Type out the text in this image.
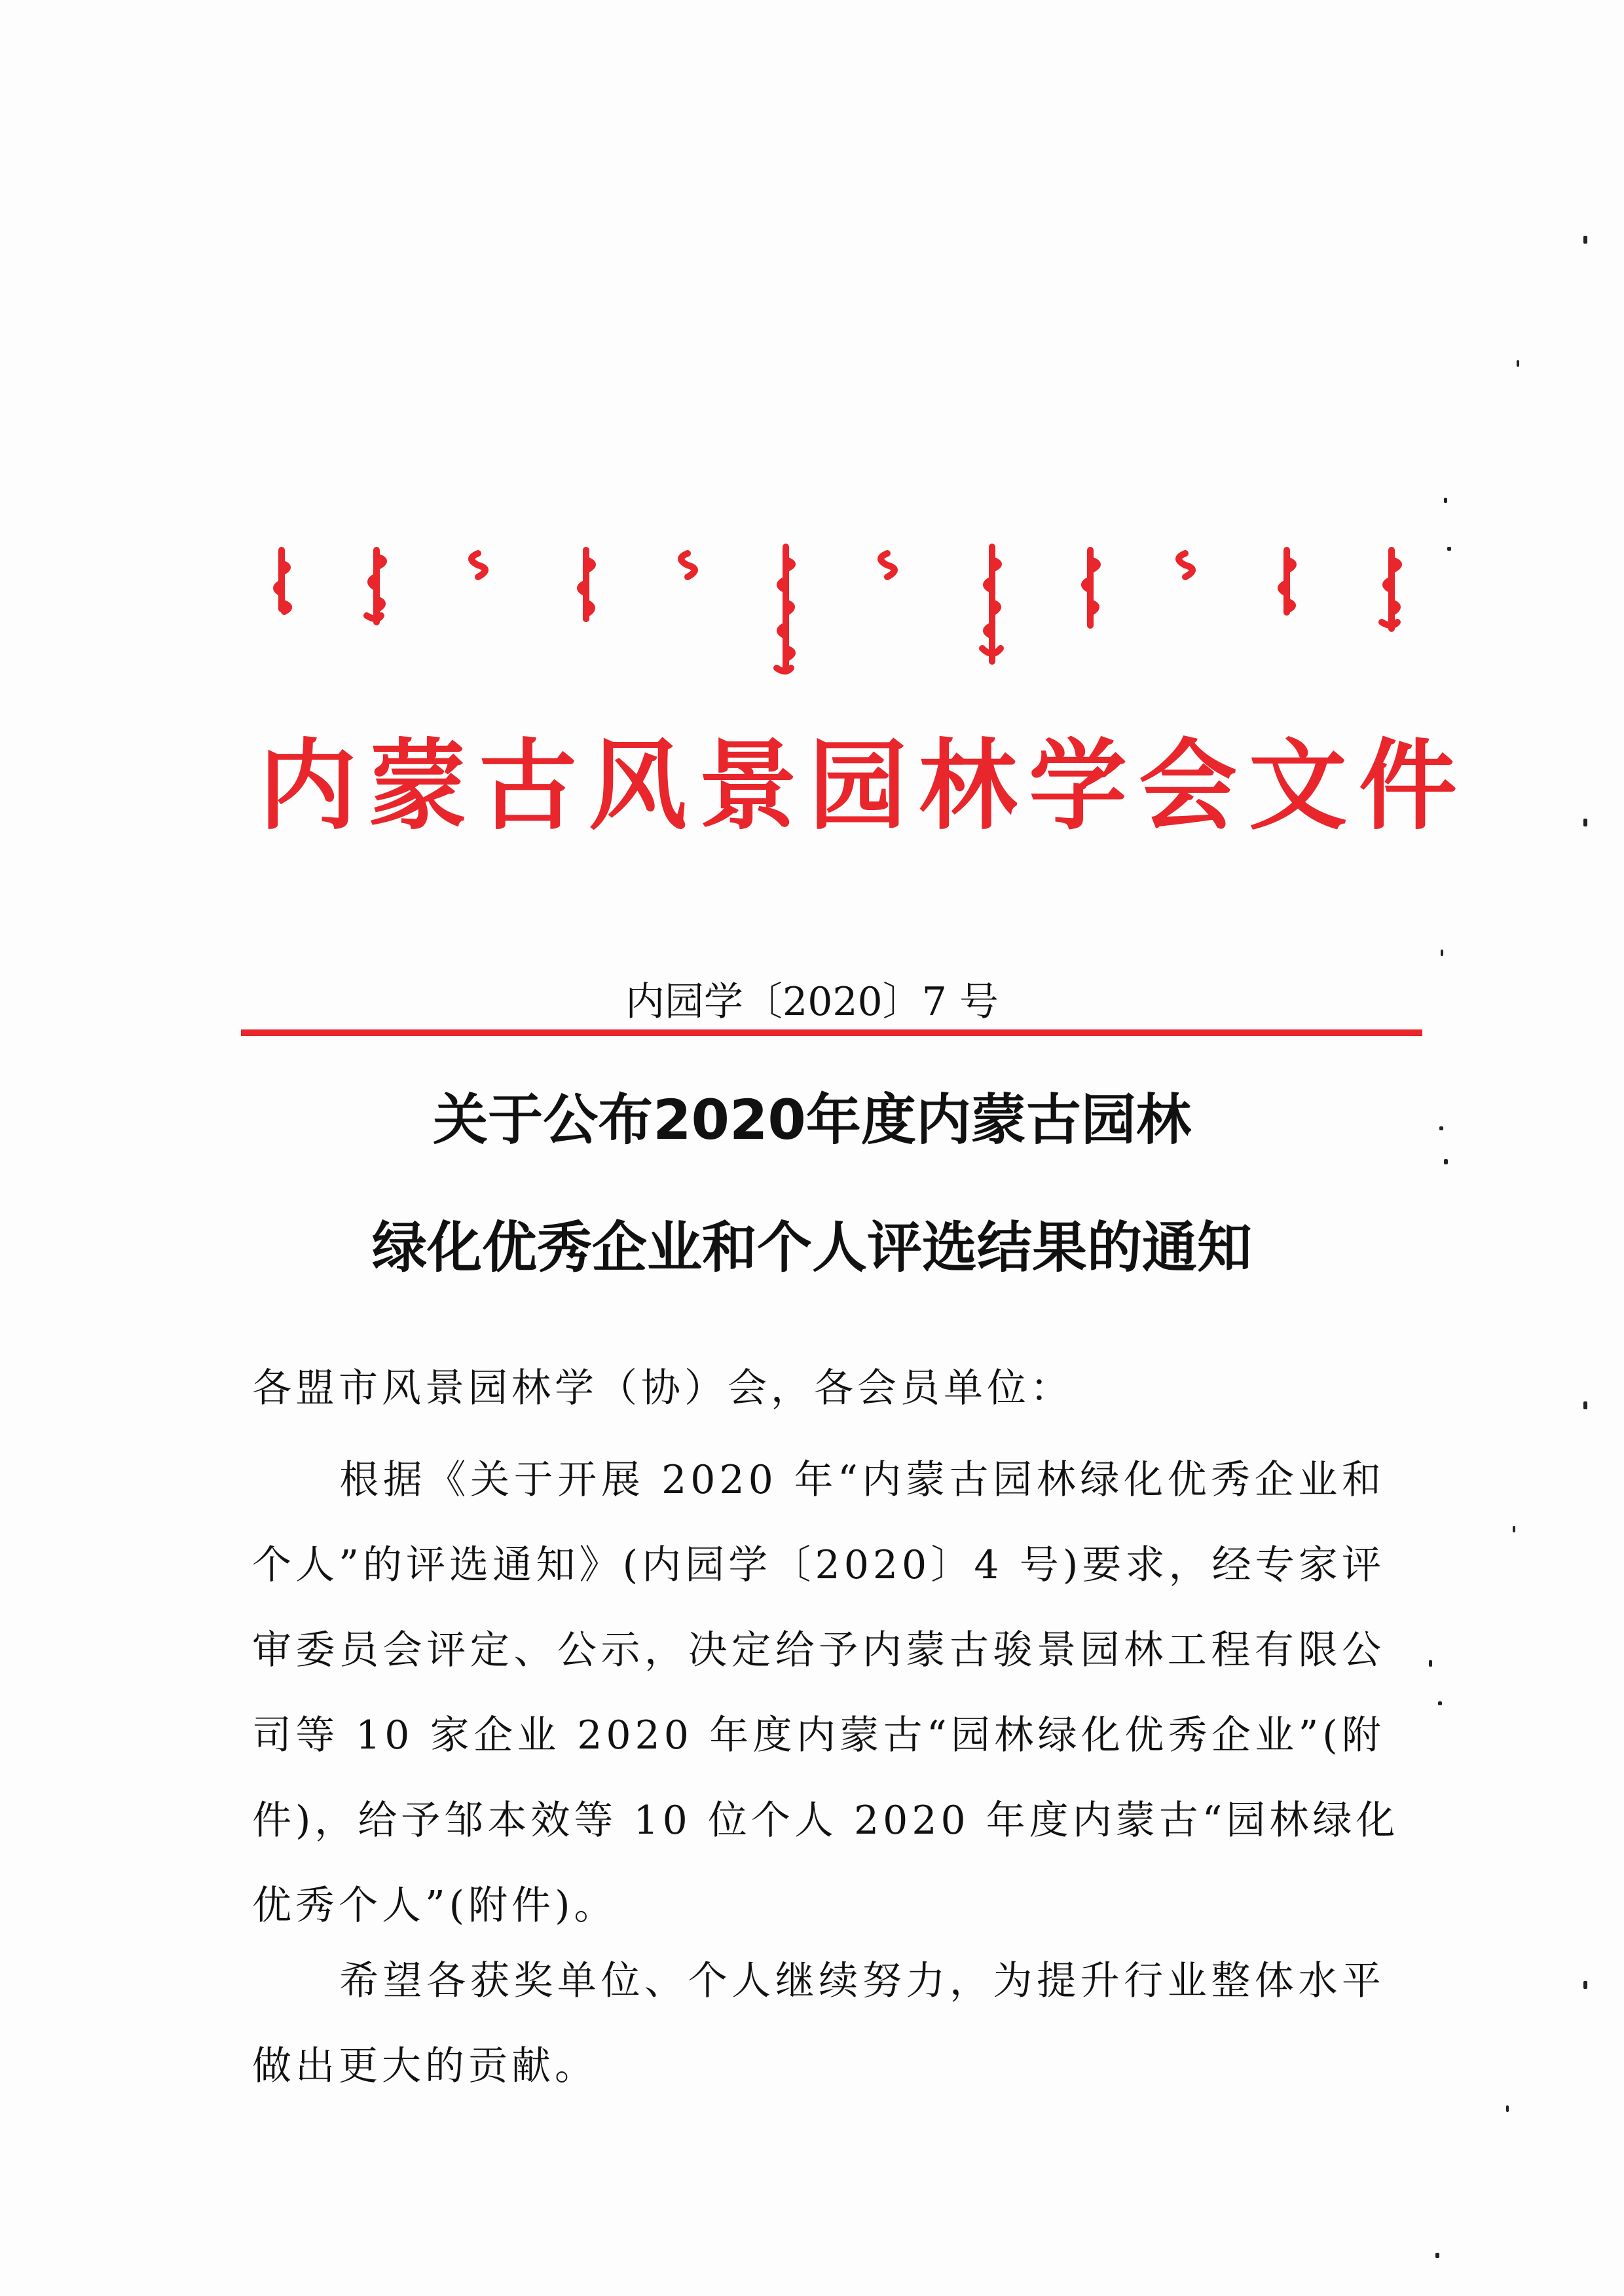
内蒙古风景园林学会文件
内园学〔2020〕7 号
关于公布2020年度内蒙古园林
绿化优秀企业和个人评选结果的通知
各盟市风景园林学（协）会，各会员单位：
　　根据《关于开展 2020 年“内蒙古园林绿化优秀企业和
个人”的评选通知》(内园学〔2020〕4 号)要求，经专家评
审委员会评定、公示，决定给予内蒙古骏景园林工程有限公
司等 10 家企业 2020 年度内蒙古“园林绿化优秀企业”(附
件)，给予邹本效等 10 位个人 2020 年度内蒙古“园林绿化
优秀个人”(附件)。
　　希望各获奖单位、个人继续努力，为提升行业整体水平
做出更大的贡献。
